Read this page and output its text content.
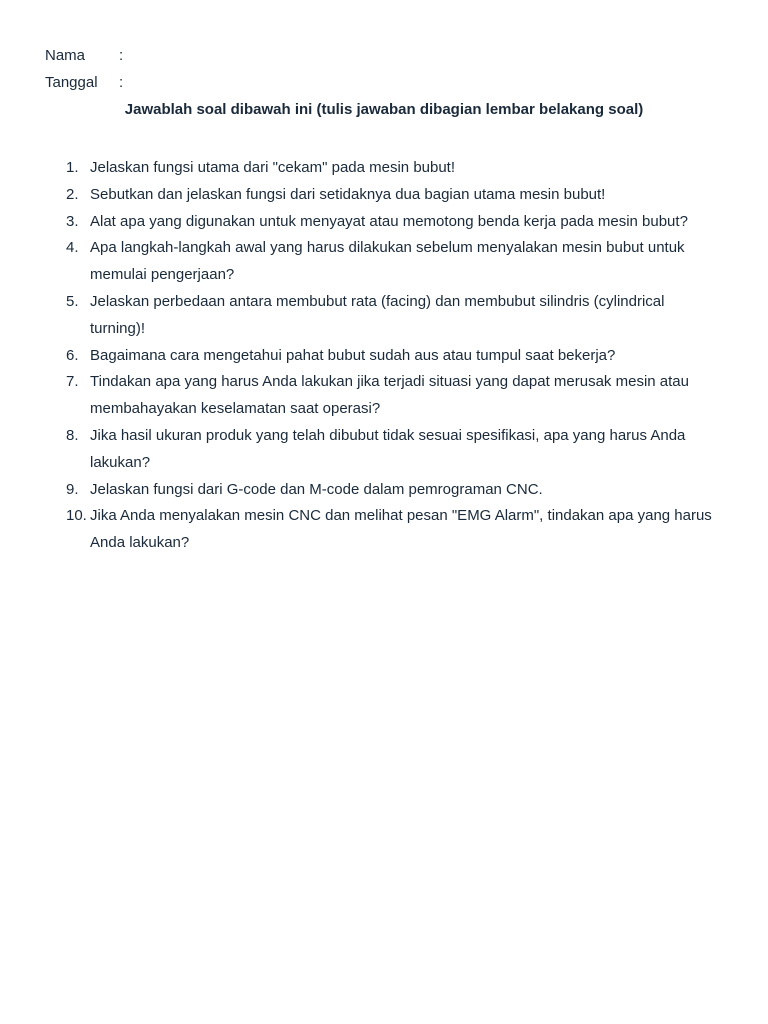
Nama :
Tanggal :
Jawablah soal dibawah ini (tulis jawaban dibagian lembar belakang soal)
1. Jelaskan fungsi utama dari "cekam" pada mesin bubut!
2. Sebutkan dan jelaskan fungsi dari setidaknya dua bagian utama mesin bubut!
3. Alat apa yang digunakan untuk menyayat atau memotong benda kerja pada mesin bubut?
4. Apa langkah-langkah awal yang harus dilakukan sebelum menyalakan mesin bubut untuk memulai pengerjaan?
5. Jelaskan perbedaan antara membubut rata (facing) dan membubut silindris (cylindrical turning)!
6. Bagaimana cara mengetahui pahat bubut sudah aus atau tumpul saat bekerja?
7. Tindakan apa yang harus Anda lakukan jika terjadi situasi yang dapat merusak mesin atau membahayakan keselamatan saat operasi?
8. Jika hasil ukuran produk yang telah dibubut tidak sesuai spesifikasi, apa yang harus Anda lakukan?
9. Jelaskan fungsi dari G-code dan M-code dalam pemrograman CNC.
10. Jika Anda menyalakan mesin CNC dan melihat pesan "EMG Alarm", tindakan apa yang harus Anda lakukan?
